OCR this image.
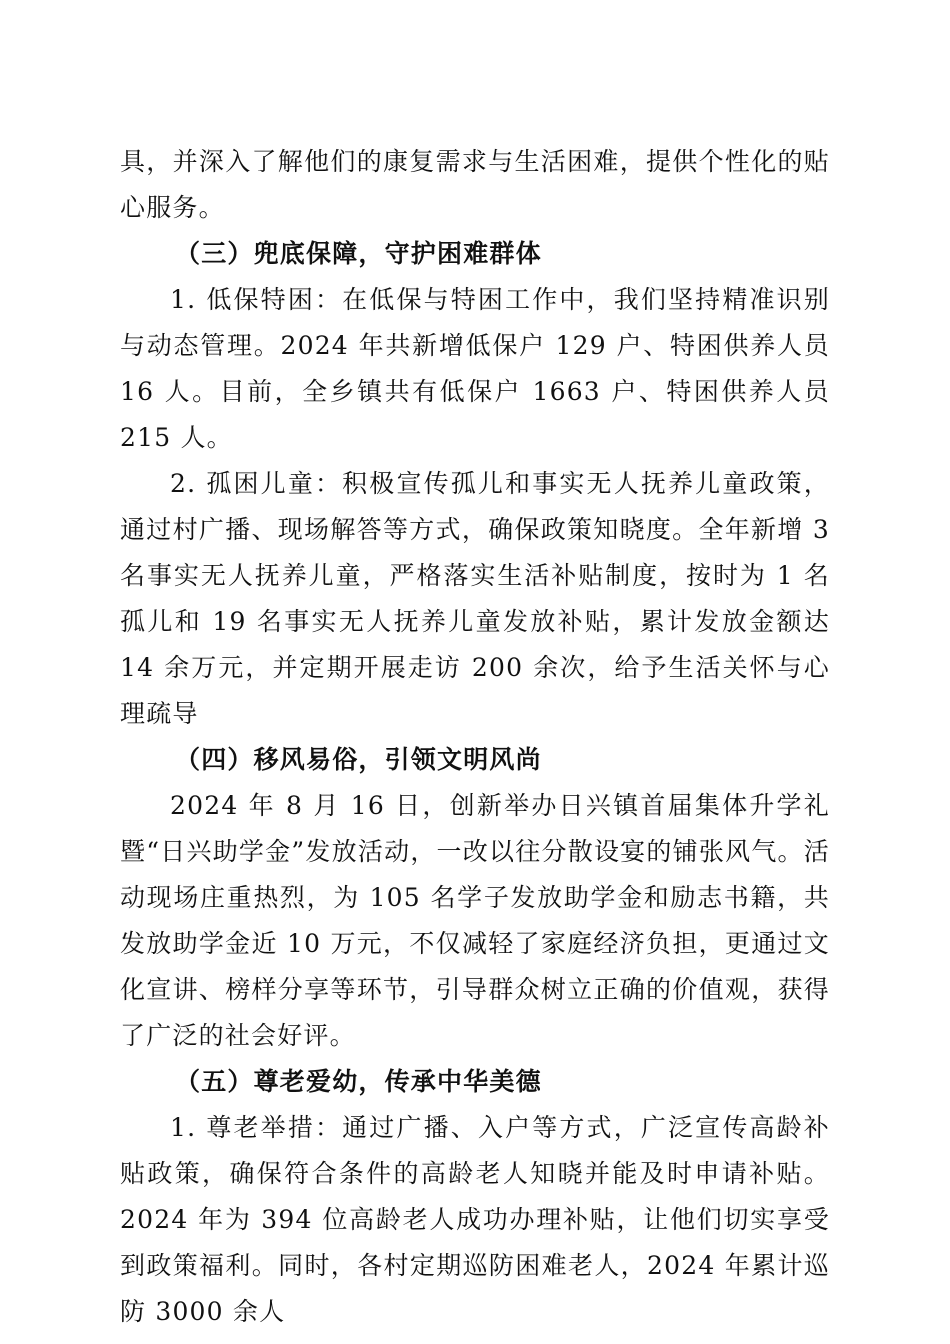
具，并深入了解他们的康复需求与生活困难，提供个性化的贴心服务。

（三）兜底保障，守护困难群体

1. 低保特困：在低保与特困工作中，我们坚持精准识别与动态管理。2024 年共新增低保户 129 户、特困供养人员 16 人。目前，全乡镇共有低保户 1663 户、特困供养人员 215 人。

2. 孤困儿童：积极宣传孤儿和事实无人抚养儿童政策，通过村广播、现场解答等方式，确保政策知晓度。全年新增 3 名事实无人抚养儿童，严格落实生活补贴制度，按时为 1 名孤儿和 19 名事实无人抚养儿童发放补贴，累计发放金额达 14 余万元，并定期开展走访 200 余次，给予生活关怀与心理疏导

（四）移风易俗，引领文明风尚

2024 年 8 月 16 日，创新举办日兴镇首届集体升学礼暨“日兴助学金”发放活动，一改以往分散设宴的铺张风气。活动现场庄重热烈，为 105 名学子发放助学金和励志书籍，共发放助学金近 10 万元，不仅减轻了家庭经济负担，更通过文化宣讲、榜样分享等环节，引导群众树立正确的价值观，获得了广泛的社会好评。

（五）尊老爱幼，传承中华美德

1. 尊老举措：通过广播、入户等方式，广泛宣传高龄补贴政策，确保符合条件的高龄老人知晓并能及时申请补贴。2024 年为 394 位高龄老人成功办理补贴，让他们切实享受到政策福利。同时，各村定期巡防困难老人，2024 年累计巡防 3000 余人
